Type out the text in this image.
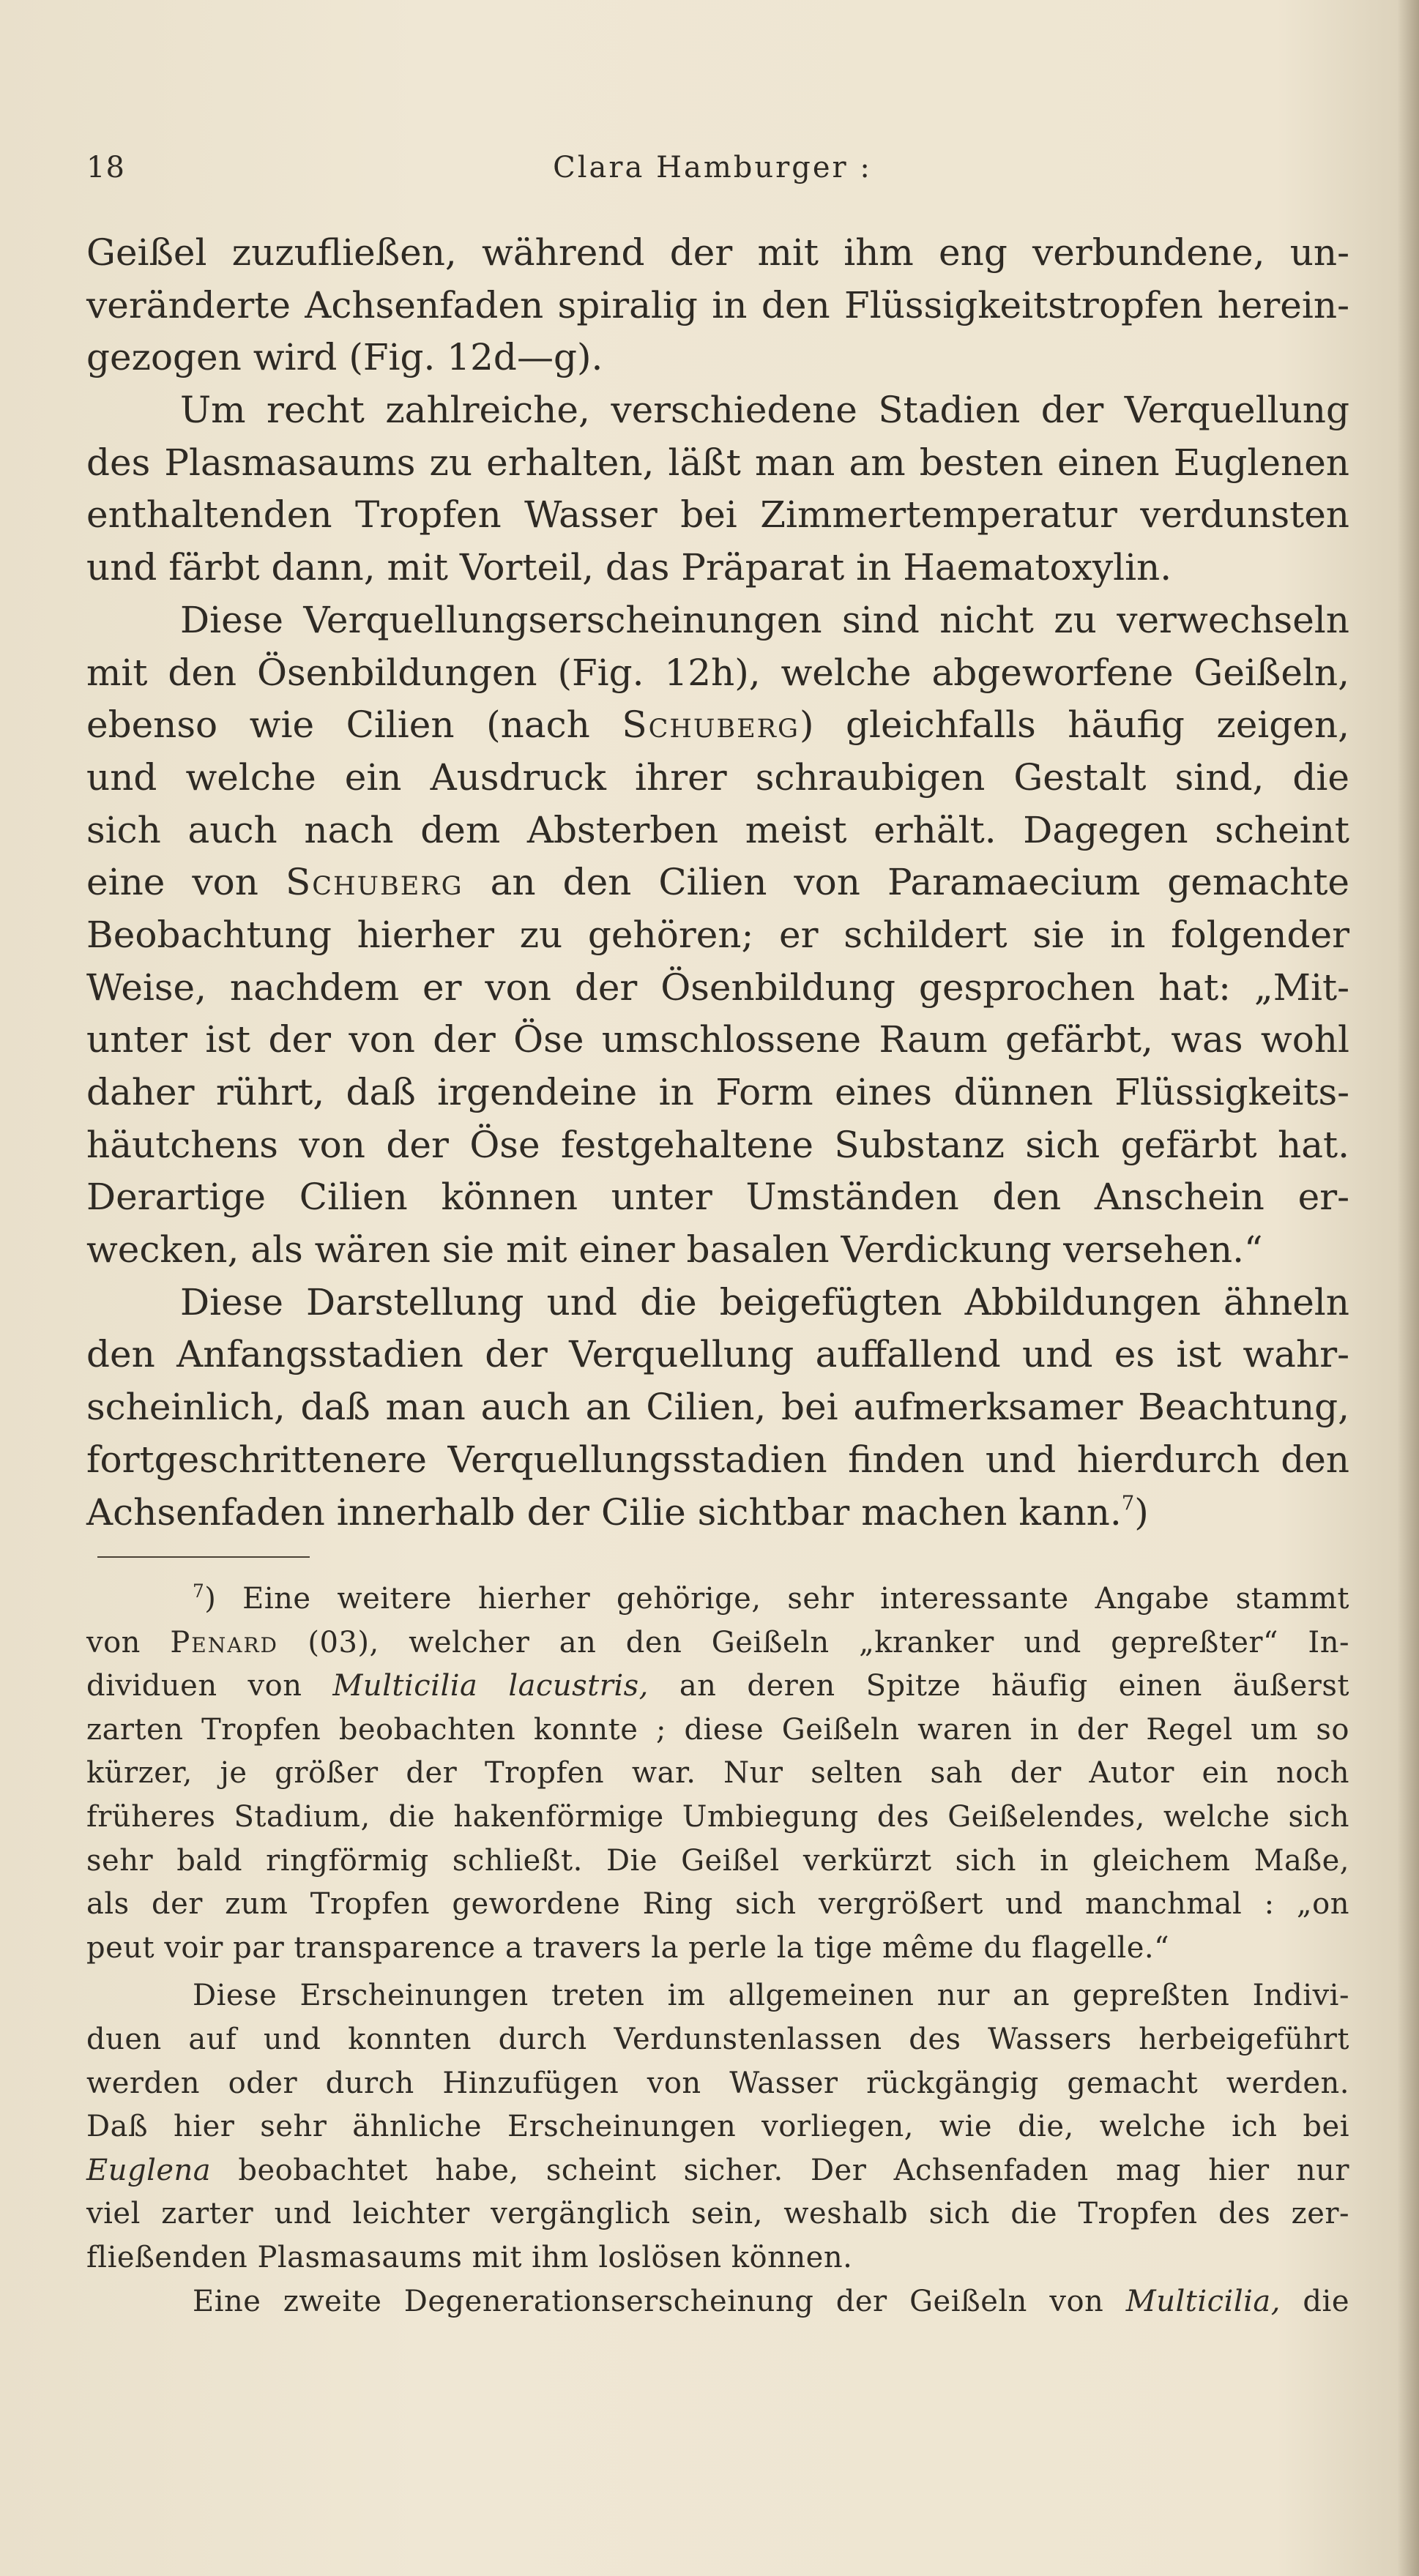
18	Clara Hamburger :
Geißel zuzufließen, während der mit ihm eng verbundene, un-
veränderte Achsenfaden spiralig in den Flüssigkeitstropfen herein-
gezogen wird (Fig. 12d—g).
Um recht zahlreiche, verschiedene Stadien der Verquellung
des Plasmasaums zu erhalten, läßt man am besten einen Euglenen
enthaltenden Tropfen Wasser bei Zimmertemperatur verdunsten
und färbt dann, mit Vorteil, das Präparat in Haematoxylin.
Diese Verquellungserscheinungen sind nicht zu verwechseln
mit den Ösenbildungen (Fig. 12h), welche abgeworfene Geißeln,
ebenso wie Cilien (nach Schuberg) gleichfalls häufig zeigen,
und welche ein Ausdruck ihrer schraubigen Gestalt sind, die
sich auch nach dem Absterben meist erhält. Dagegen scheint
eine von Schuberg an den Cilien von Paramaecium gemachte
Beobachtung hierher zu gehören; er schildert sie in folgender
Weise, nachdem er von der Ösenbildung gesprochen hat: „Mit-
unter ist der von der Öse umschlossene Raum gefärbt, was wohl
daher rührt, daß irgendeine in Form eines dünnen Flüssigkeits-
häutchens von der Öse festgehaltene Substanz sich gefärbt hat.
Derartige Cilien können unter Umständen den Anschein er-
wecken, als wären sie mit einer basalen Verdickung versehen.“
Diese Darstellung und die beigefügten Abbildungen ähneln
den Anfangsstadien der Verquellung auffallend und es ist wahr-
scheinlich, daß man auch an Cilien, bei aufmerksamer Beachtung,
fortgeschrittenere Verquellungsstadien finden und hierdurch den
Achsenfaden innerhalb der Cilie sichtbar machen kann.$^7$)
$^7$) Eine weitere hierher gehörige, sehr interessante Angabe stammt
von Penard (03), welcher an den Geißeln „kranker und gepreßter“ In-
dividuen von Multicilia lacustris, an deren Spitze häufig einen äußerst
zarten Tropfen beobachten konnte ; diese Geißeln waren in der Regel um so
kürzer, je größer der Tropfen war. Nur selten sah der Autor ein noch
früheres Stadium, die hakenförmige Umbiegung des Geißelendes, welche sich
sehr bald ringförmig schließt. Die Geißel verkürzt sich in gleichem Maße,
als der zum Tropfen gewordene Ring sich vergrößert und manchmal : „on
peut voir par transparence a travers la perle la tige même du flagelle.“
Diese Erscheinungen treten im allgemeinen nur an gepreßten Indivi-
duen auf und konnten durch Verdunstenlassen des Wassers herbeigeführt
werden oder durch Hinzufügen von Wasser rückgängig gemacht werden.
Daß hier sehr ähnliche Erscheinungen vorliegen, wie die, welche ich bei
Euglena beobachtet habe, scheint sicher. Der Achsenfaden mag hier nur
viel zarter und leichter vergänglich sein, weshalb sich die Tropfen des zer-
fließenden Plasmasaums mit ihm loslösen können.
Eine zweite Degenerationserscheinung der Geißeln von Multicilia, die
